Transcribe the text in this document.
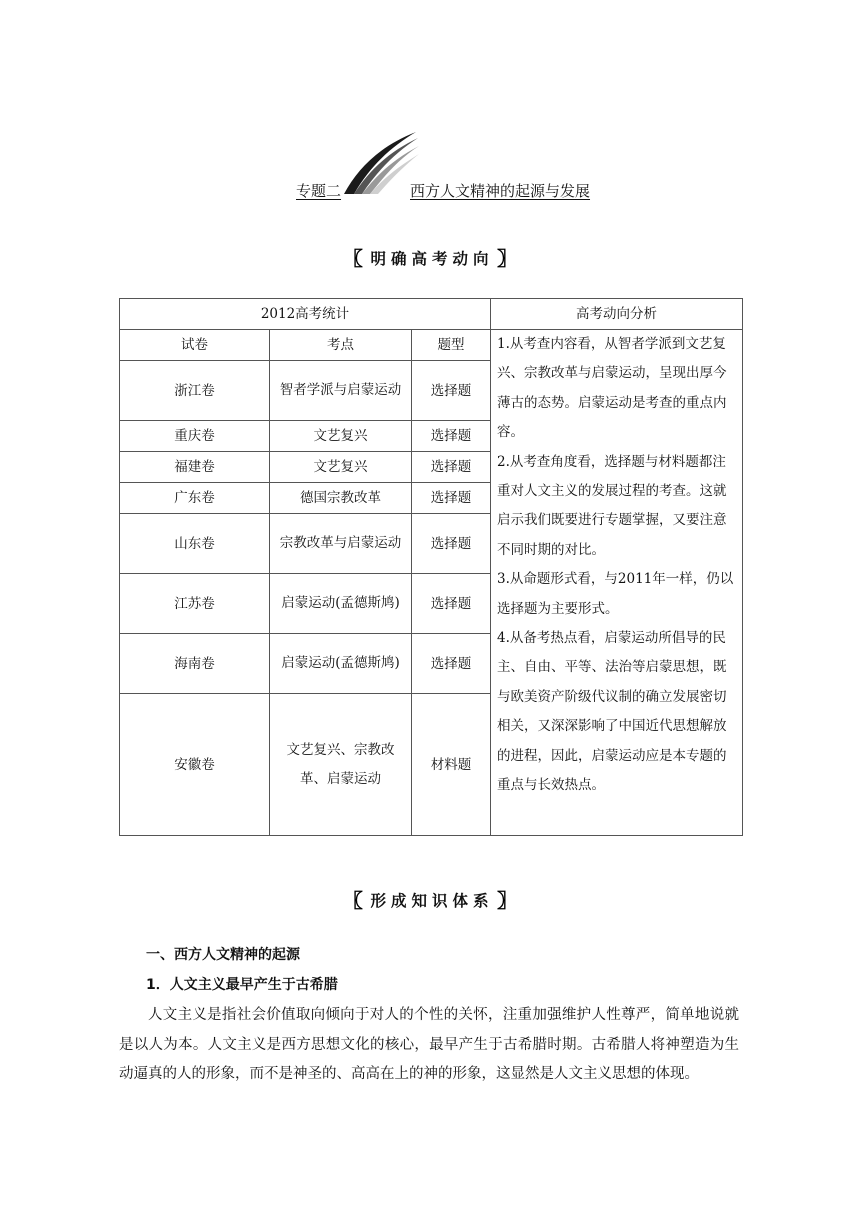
专题二	西方人文精神的起源与发展
〖 明确高考动向 〗
2012高考统计			高考动向分析
试卷	考点	题型	1.从考查内容看，从智者学派到文艺复兴、宗教改革与启蒙运动，呈现出厚今薄古的态势。启蒙运动是考查的重点内容。

2.从考查角度看，选择题与材料题都注重对人文主义的发展过程的考查。这就启示我们既要进行专题掌握，又要注意不同时期的对比。

3.从命题形式看，与2011年一样，仍以选择题为主要形式。

4.从备考热点看，启蒙运动所倡导的民主、自由、平等、法治等启蒙思想，既与欧美资产阶级代议制的确立发展密切相关，又深深影响了中国近代思想解放的进程，因此，启蒙运动应是本专题的重点与长效热点。

浙江卷	智者学派与启蒙运动	选择题	
重庆卷	文艺复兴	选择题	
福建卷	文艺复兴	选择题	
广东卷	德国宗教改革	选择题	
山东卷	宗教改革与启蒙运动	选择题	
江苏卷	启蒙运动(孟德斯鸠)	选择题	
海南卷	启蒙运动(孟德斯鸠)	选择题	
安徽卷	文艺复兴、宗教改革、启蒙运动	材料题	
〖 形成知识体系 〗
一、西方人文精神的起源
1．人文主义最早产生于古希腊

人文主义是指社会价值取向倾向于对人的个性的关怀，注重加强维护人性尊严，简单地说就是以人为本。人文主义是西方思想文化的核心，最早产生于古希腊时期。古希腊人将神塑造为生动逼真的人的形象，而不是神圣的、高高在上的神的形象，这显然是人文主义思想的体现。
